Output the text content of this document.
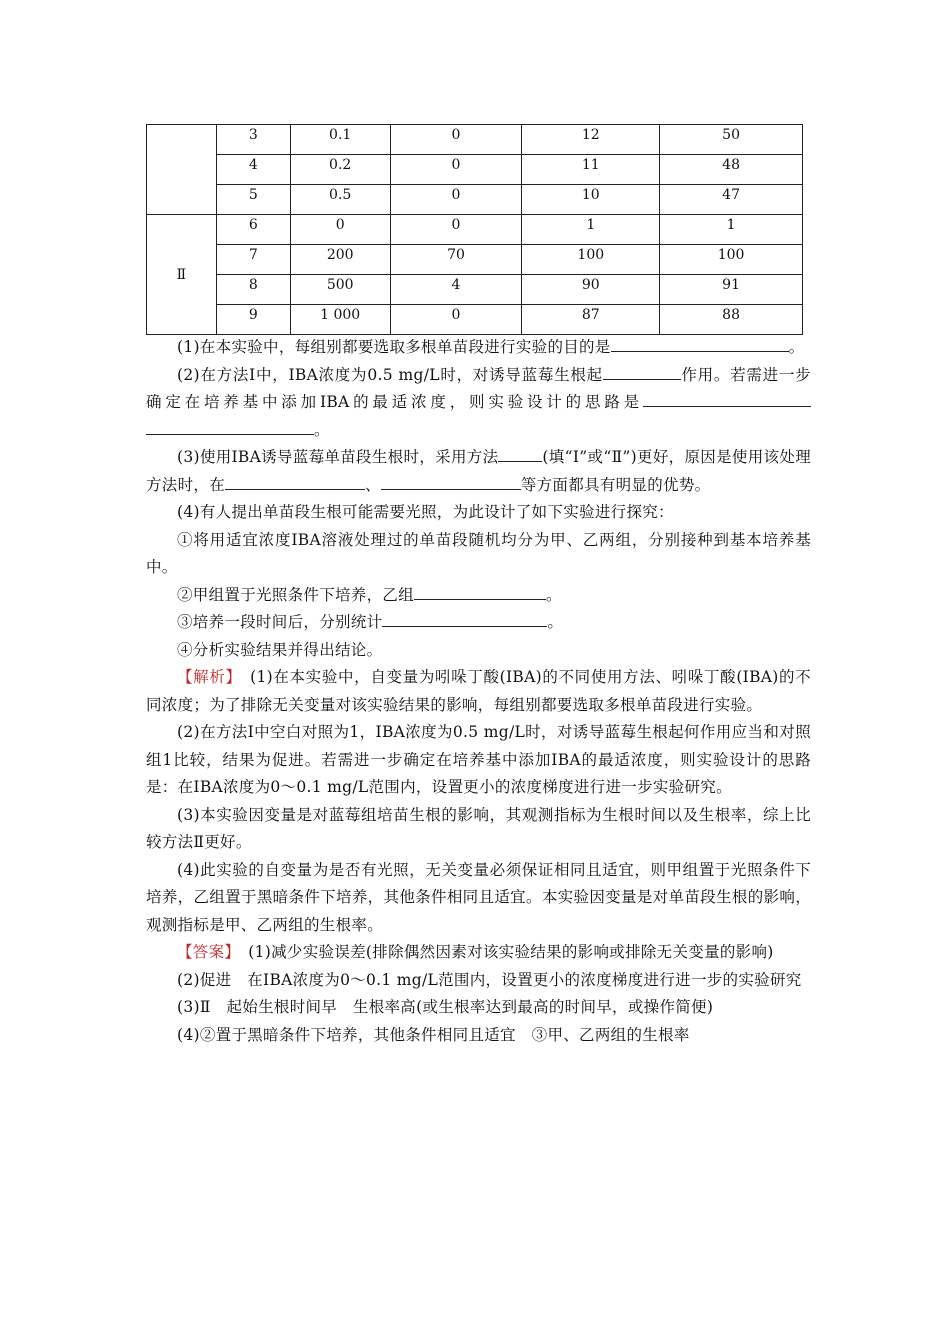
	3	0.1	0	12	50
	4	0.2	0	11	48
	5	0.5	0	10	47
Ⅱ	6	0	0	1	1
	7	200	70	100	100
	8	500	4	90	91
	9	1 000	0	87	88

(1)在本实验中，每组别都要选取多根单苗段进行实验的目的是	。

(2)在方法Ⅰ中，IBA浓度为0.5 mg/L时，对诱导蓝莓生根起	作用。若需进一步确定在培养基中添加IBA的最适浓度，则实验设计的思路是。

(3)使用IBA诱导蓝莓单苗段生根时，采用方法	(填“Ⅰ”或“Ⅱ”)更好，原因是使用该处理方法时，在	、	等方面都具有明显的优势。

(4)有人提出单苗段生根可能需要光照，为此设计了如下实验进行探究：

①将用适宜浓度IBA溶液处理过的单苗段随机均分为甲、乙两组，分别接种到基本培养基中。

②甲组置于光照条件下培养，乙组	。

③培养一段时间后，分别统计	。

④分析实验结果并得出结论。

【解析】　 (1)在本实验中，自变量为吲哚丁酸(IBA)的不同使用方法、吲哚丁酸(IBA)的不同浓度；为了排除无关变量对该实验结果的影响，每组别都要选取多根单苗段进行实验。

(2)在方法Ⅰ中空白对照为1，IBA浓度为0.5 mg/L时，对诱导蓝莓生根起何作用应当和对照组1比较，结果为促进。若需进一步确定在培养基中添加IBA的最适浓度，则实验设计的思路是：在IBA浓度为0～0.1 mg/L范围内，设置更小的浓度梯度进行进一步实验研究。

(3)本实验因变量是对蓝莓组培苗生根的影响，其观测指标为生根时间以及生根率，综上比较方法Ⅱ更好。

(4)此实验的自变量为是否有光照，无关变量必须保证相同且适宜，则甲组置于光照条件下培养，乙组置于黑暗条件下培养，其他条件相同且适宜。本实验因变量是对单苗段生根的影响，观测指标是甲、乙两组的生根率。

【答案】　 (1)减少实验误差(排除偶然因素对该实验结果的影响或排除无关变量的影响)

(2)促进　在IBA浓度为0～0.1 mg/L范围内，设置更小的浓度梯度进行进一步的实验研究

(3)Ⅱ　起始生根时间早　生根率高(或生根率达到最高的时间早，或操作简便)

(4)②置于黑暗条件下培养，其他条件相同且适宜　③甲、乙两组的生根率
